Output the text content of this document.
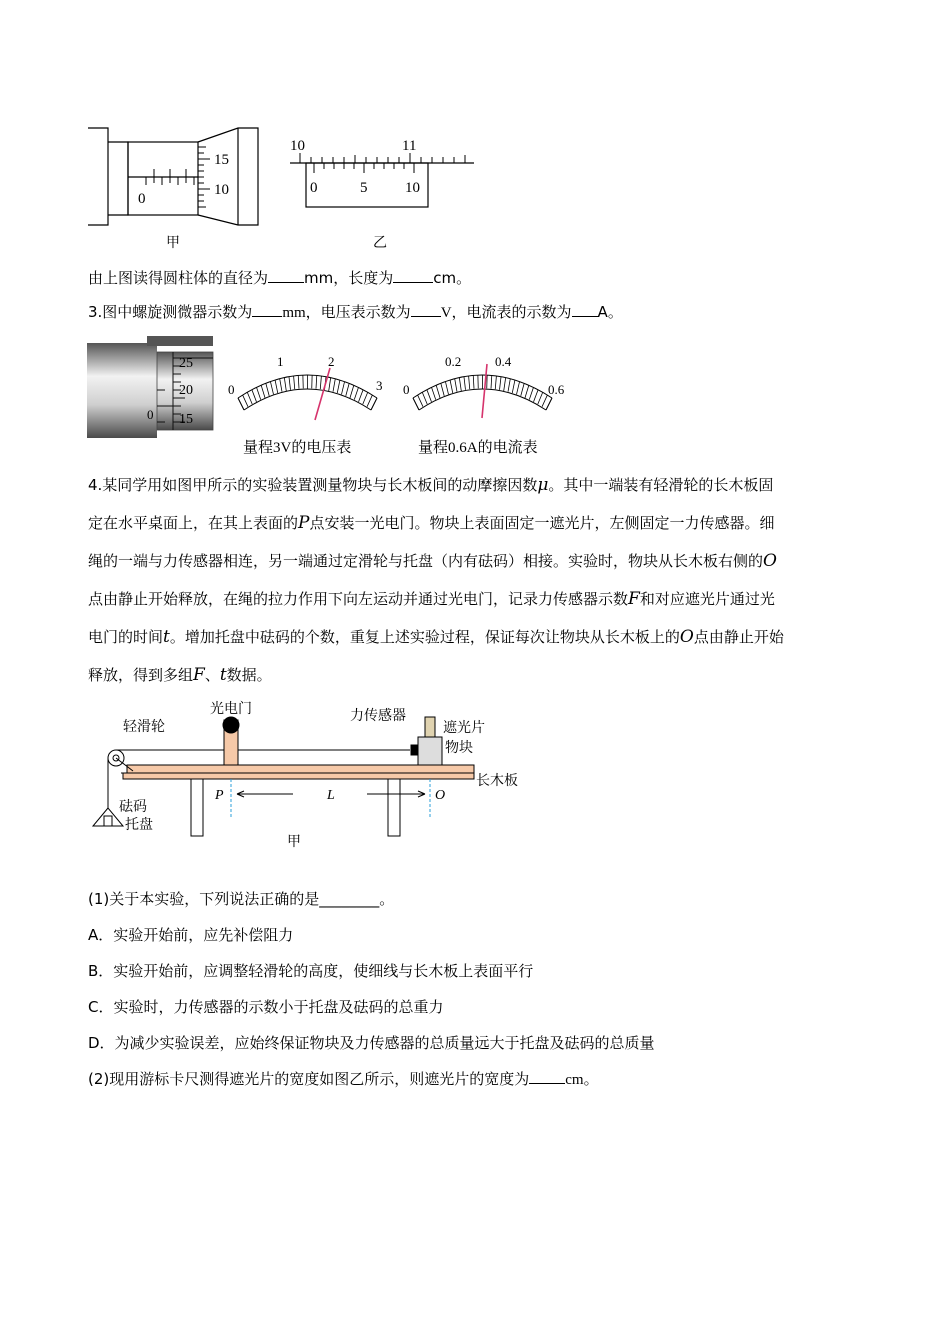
15
10
0
10	11
0	5	10
甲	乙
由上图读得圆柱体的直径为 mm，长度为	cm。
3.图中螺旋测微器示数为 mm，电压表示数为 V，电流表的示数为 A。
25
20
15
0
0
1	2
3 0
0.2	0.4
0.6
量程3V的电压表	量程0.6A的电流表
4.某同学用如图甲所示的实验装置测量物块与长木板间的动摩擦因数μ。其中一端装有轻滑轮的长木板固
定在水平桌面上，在其上表面的P点安装一光电门。物块上表面固定一遮光片，左侧固定一力传感器。细
绳的一端与力传感器相连，另一端通过定滑轮与托盘（内有砝码）相接。实验时，物块从长木板右侧的O
点由静止开始释放，在绳的拉力作用下向左运动并通过光电门，记录力传感器示数F和对应遮光片通过光
电门的时间t。增加托盘中砝码的个数，重复上述实验过程，保证每次让物块从长木板上的O点由静止开始
释放，得到多组F、t数据。
轻滑轮
光电门	力传感器
遮光片
物块
长木板
砝码
托盘
P	L	O
甲
(1)关于本实验，下列说法正确的是________。
A．实验开始前，应先补偿阻力
B．实验开始前，应调整轻滑轮的高度，使细线与长木板上表面平行
C．实验时，力传感器的示数小于托盘及砝码的总重力
D．为减少实验误差，应始终保证物块及力传感器的总质量远大于托盘及砝码的总质量
(2)现用游标卡尺测得遮光片的宽度如图乙所示，则遮光片的宽度为 cm。
